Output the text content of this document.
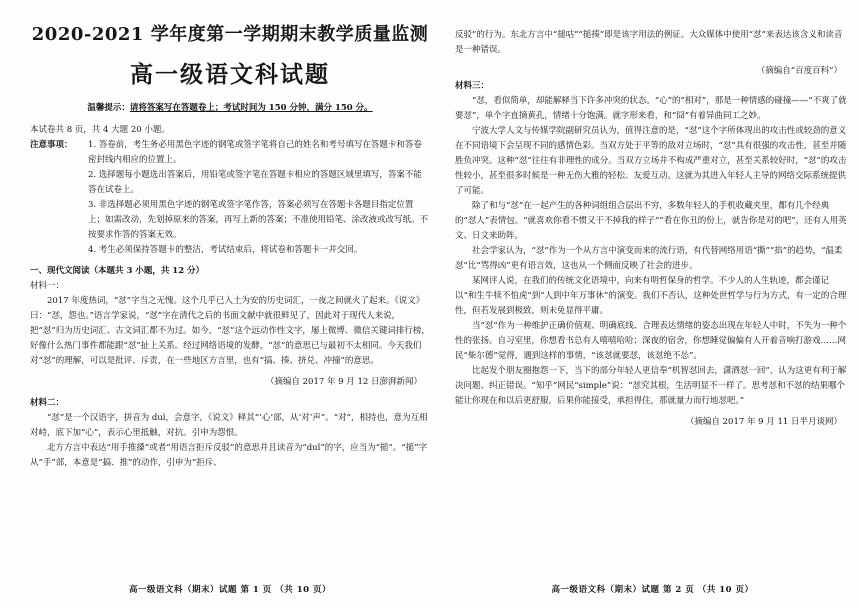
2020-2021 学年度第一学期期末教学质量监测
高一级语文科试题
温馨提示：请将答案写在答题卷上；考试时间为 150 分钟，满分 150 分。

本试卷共 8 页，共 4 大题 20 小题。

注意事项：	1. 答卷前，考生务必用黑色字迹的钢笔或签字笔将自己的姓名和考号填写在答题卡和答卷密封线内相应的位置上。
2. 选择题每小题选出答案后，用铅笔或签字笔在答题卡相应的答题区域里填写，答案不能答在试卷上。
3. 非选择题必须用黑色字迹的钢笔或签字笔作答，答案必须写在答题卡各题目指定位置上；如需改动，先划掉原来的答案，再写上新的答案；不准使用铅笔、涂改液或改写纸。不按要求作答的答案无效。
4. 考生必须保持答题卡的整洁，考试结束后，将试卷和答题卡一并交回。

一、现代文阅读（本题共 3 小题，共 12 分）

材料一：

2017 年度热词，“怼”字当之无愧。这个几乎已入土为安的历史词汇，一夜之间就火了起来。《说文》曰：“怼，怨也。”语言学家说，“怼”字在清代之后的书面文献中就很鲜见了，因此对于现代人来说，把“怼”归为历史词汇、古文词汇都不为过。如今，“怼”这个远动作性文字，屡上微博、微信关键词排行榜，好像什么热门事件都能跟“怼”扯上关系。经过网络语境的发酵，“怼”的意思已与最初不太相同。今天我们对“怼”的理解，可以是批评、斥责，在一些地区方言里，也有“搞、揍、挤兑、冲撞”的意思。

（摘编自 2017 年 9 月 12 日澎湃新闻）

材料二：

“怼”是一个汉语字，拼音为 duì，会意字，《说文》释其“‘心’部，从‘对’声”。“对”，相持也，意为互相对峙，底下加“心”，表示心里抵触，对抗。引申为怨恨。

北方方言中表达“用手推搡”或者“用语言拒斥反驳”的意思并且读音为“duǐ”的字，应当为“搥”。“搥”字从“手”部，本意是“搞、推”的动作，引申为“拒斥、

高一级语文科（期末）试题 第 1 页 （共 10 页）

反驳”的行为。东北方言中“搥咕”“搥揍”即是该字用法的例证。大众媒体中使用“怼”来表达该含义和读音是一种错误。

（摘编自“百度百科”）

材料三：

“怼，看似简单，却能解释当下许多冲突的状态。“心”的“相对”，那是一种情感的碰撞——“不爽了就要怼”，单个字直摘黄孔，情绪十分饱满。就字形来看，和“囧”有着异曲同工之妙。

宁波大学人文与传媒学院副研究员认为，值得注意的是，“怼”这个字所体现出的攻击性或较劲的意义在不同语境下会呈现不同的感情色彩。当双方处于平等的敌对立场时，“怼”具有很强的攻击性，甚至并随胜负冲突。这种“怼”往往有非理性的成分。当双方立场并不构成严重对立，甚至关系较好时，“怼”的攻击性较小，甚至很多时候是一种无伤大雅的轻松、友爱互动。这就为其进入年轻人主导的网络交际系统提供了可能。

除了和与“怼”在一起产生的各种词组组合层出不穷，多数年轻人的手机收藏夹里，都有几个经典的“怼人”表情包。“就喜欢你看不惯又干不掉我的样子”“看在你丑的份上，就告你是对的吧”，还有人用英文、日文来助阵。

社会学家认为，“怼”作为一个从方言中演变而来的流行语，有代替网络用语“撕”“掐”的趋势，“温柔怼”比“骂得凶”更有语言效，这也从一个侧面反映了社会的进步。

某网评人说，在我们的传统文化语境中，向来有明哲保身的哲学。不少人的人生轨迹，都会谨记以“和生牛犊不怕虎”到“人到中年万事休”的演变。我们不否认，这种处世哲学与行为方式，有一定的合理性，但若发展到极致，则未免显得平庸。

当“怼”作为一种维护正确价值观、明确底线、合理表达情绪的姿态出现在年轻人中时，不失为一种个性的张扬。自习室里，你想看书总有人嘻嘻哈哈；深夜的宿舍，你想睡觉偏偏有人开着音响打游戏……网民“柴尔德”觉得，遇到这样的事情，“该怼就要怼，该怼绝不怂”。

比起发个朋友圈抱怨一下，当下的部分年轻人更信奉“机智怼回去，潇洒怼一回”，认为这更有利于解决问题、纠正错误。“知乎”网民“simple”说：“怼究其根，生活明显不一样了。思考怼和不怼的结果哪个能让你现在和以后更舒服，后果你能接受，承担得住，那就量力而行地怼吧。”

（摘编自 2017 年 9 月 11 日半月谈网）

高一级语文科（期末）试题 第 2 页 （共 10 页）
